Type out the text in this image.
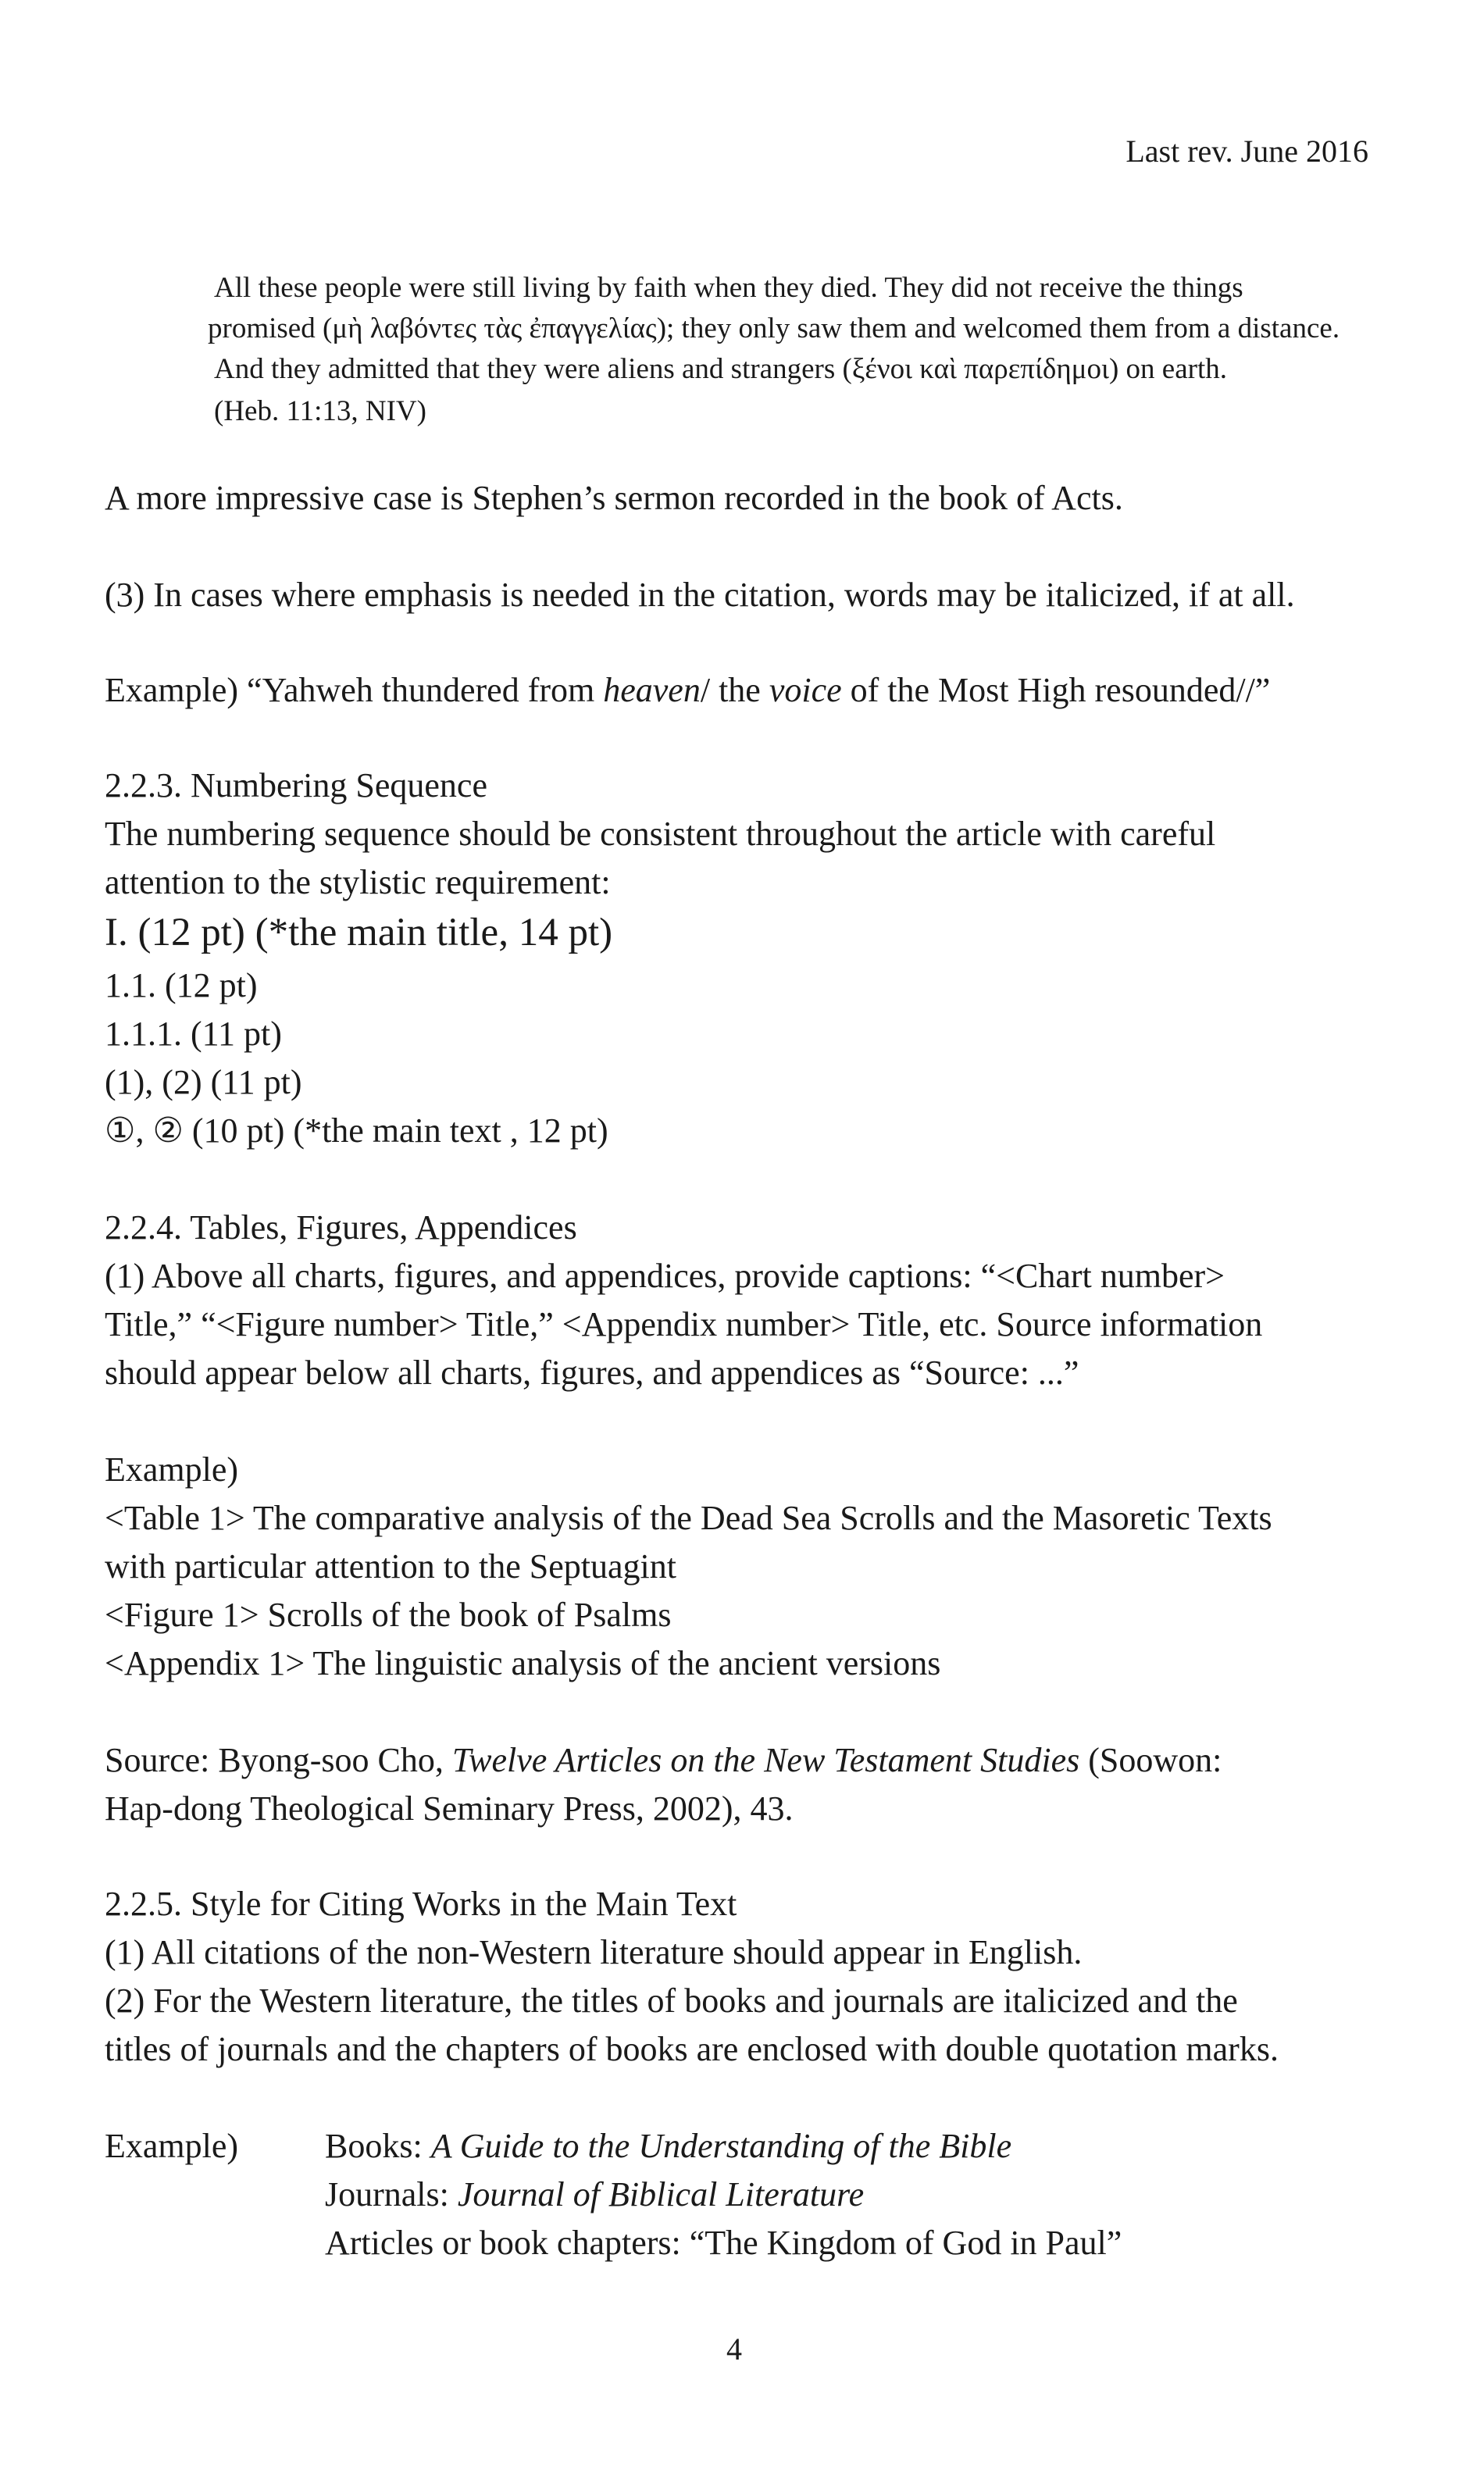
Last rev. June 2016
All these people were still living by faith when they died. They did not receive the things
promised (μὴ λαβόντες τὰς ἐπαγγελίας); they only saw them and welcomed them from a distance.
And they admitted that they were aliens and strangers (ξένοι καὶ παρεπίδημοι) on earth.
(Heb. 11:13, NIV)
A more impressive case is Stephen’s sermon recorded in the book of Acts.
(3) In cases where emphasis is needed in the citation, words may be italicized, if at all.
Example) “Yahweh thundered from heaven/ the voice of the Most High resounded//”
2.2.3. Numbering Sequence
The numbering sequence should be consistent throughout the article with careful
attention to the stylistic requirement:
I. (12 pt) (*the main title, 14 pt)
1.1. (12 pt)
1.1.1. (11 pt)
(1), (2) (11 pt)
①, ② (10 pt) (*the main text , 12 pt)
2.2.4. Tables, Figures, Appendices
(1) Above all charts, figures, and appendices, provide captions: “<Chart number>
Title,” “<Figure number> Title,” <Appendix number> Title, etc. Source information
should appear below all charts, figures, and appendices as “Source: ...”
Example)
<Table 1> The comparative analysis of the Dead Sea Scrolls and the Masoretic Texts
with particular attention to the Septuagint
<Figure 1> Scrolls of the book of Psalms
<Appendix 1> The linguistic analysis of the ancient versions
Source: Byong-soo Cho, Twelve Articles on the New Testament Studies (Soowon:
Hap-dong Theological Seminary Press, 2002), 43.
2.2.5. Style for Citing Works in the Main Text
(1) All citations of the non-Western literature should appear in English.
(2) For the Western literature, the titles of books and journals are italicized and the
titles of journals and the chapters of books are enclosed with double quotation marks.
Example)	Books: A Guide to the Understanding of the Bible
Journals: Journal of Biblical Literature
Articles or book chapters: “The Kingdom of God in Paul”
4
